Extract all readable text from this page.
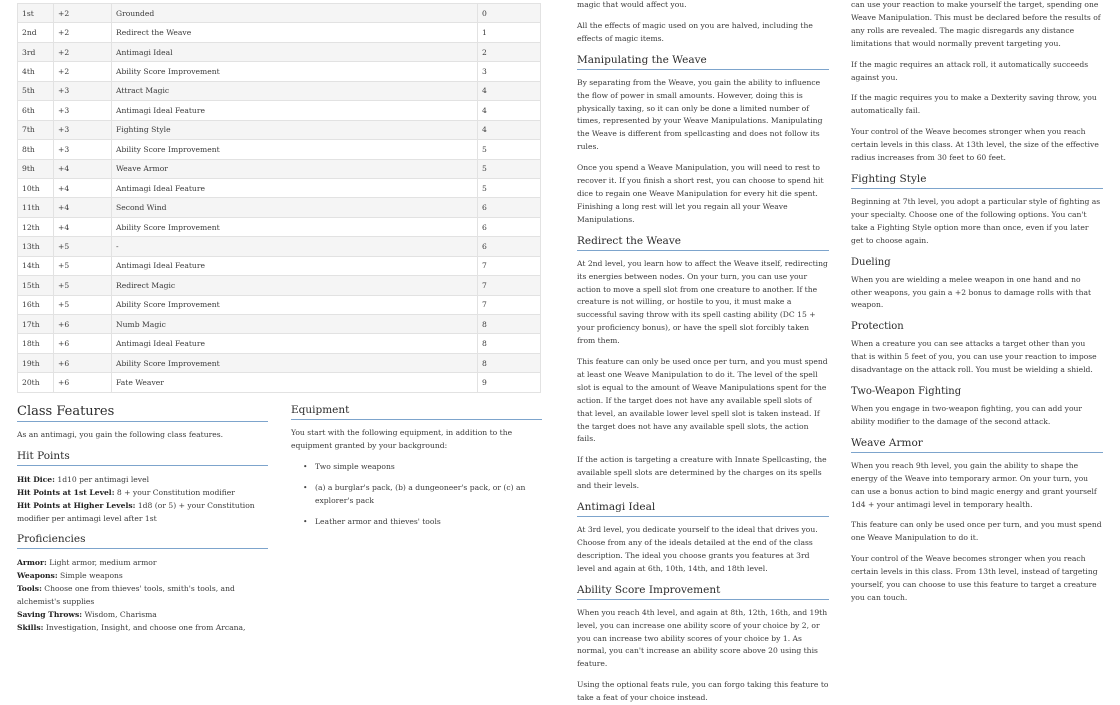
1st	+2	Grounded	0
2nd	+2	Redirect the Weave	1
3rd	+2	Antimagi Ideal	2
4th	+2	Ability Score Improvement	3
5th	+3	Attract Magic	4
6th	+3	Antimagi Ideal Feature	4
7th	+3	Fighting Style	4
8th	+3	Ability Score Improvement	5
9th	+4	Weave Armor	5
10th	+4	Antimagi Ideal Feature	5
11th	+4	Second Wind	6
12th	+4	Ability Score Improvement	6
13th	+5	-	6
14th	+5	Antimagi Ideal Feature	7
15th	+5	Redirect Magic	7
16th	+5	Ability Score Improvement	7
17th	+6	Numb Magic	8
18th	+6	Antimagi Ideal Feature	8
19th	+6	Ability Score Improvement	8
20th	+6	Fate Weaver	9
Class Features

As an antimagi, you gain the following class features.

Hit Points

Hit Dice: 1d10 per antimagi level
Hit Points at 1st Level: 8 + your Constitution modifier
Hit Points at Higher Levels: 1d8 (or 5) + your Constitution modifier per antimagi level after 1st

Proficiencies

Armor: Light armor, medium armor
Weapons: Simple weapons
Tools: Choose one from thieves' tools, smith's tools, and alchemist's supplies
Saving Throws: Wisdom, Charisma
Skills: Investigation, Insight, and choose one from Arcana,

Equipment

You start with the following equipment, in addition to the equipment granted by your background:

• Two simple weapons
• (a) a burglar's pack, (b) a dungeoneer's pack, or (c) an explorer's pack
• Leather armor and thieves' tools

magic that would affect you.

All the effects of magic used on you are halved, including the effects of magic items.

Manipulating the Weave

By separating from the Weave, you gain the ability to influence the flow of power in small amounts. However, doing this is physically taxing, so it can only be done a limited number of times, represented by your Weave Manipulations. Manipulating the Weave is different from spellcasting and does not follow its rules.

Once you spend a Weave Manipulation, you will need to rest to recover it. If you finish a short rest, you can choose to spend hit dice to regain one Weave Manipulation for every hit die spent. Finishing a long rest will let you regain all your Weave Manipulations.

Redirect the Weave

At 2nd level, you learn how to affect the Weave itself, redirecting its energies between nodes. On your turn, you can use your action to move a spell slot from one creature to another. If the creature is not willing, or hostile to you, it must make a successful saving throw with its spell casting ability (DC 15 + your proficiency bonus), or have the spell slot forcibly taken from them.

This feature can only be used once per turn, and you must spend at least one Weave Manipulation to do it. The level of the spell slot is equal to the amount of Weave Manipulations spent for the action. If the target does not have any available spell slots of that level, an available lower level spell slot is taken instead. If the target does not have any available spell slots, the action fails.

If the action is targeting a creature with Innate Spellcasting, the available spell slots are determined by the charges on its spells and their levels.

Antimagi Ideal

At 3rd level, you dedicate yourself to the ideal that drives you. Choose from any of the ideals detailed at the end of the class description. The ideal you choose grants you features at 3rd level and again at 6th, 10th, 14th, and 18th level.

Ability Score Improvement

When you reach 4th level, and again at 8th, 12th, 16th, and 19th level, you can increase one ability score of your choice by 2, or you can increase two ability scores of your choice by 1. As normal, you can't increase an ability score above 20 using this feature.

Using the optional feats rule, you can forgo taking this feature to take a feat of your choice instead.

can use your reaction to make yourself the target, spending one Weave Manipulation. This must be declared before the results of any rolls are revealed. The magic disregards any distance limitations that would normally prevent targeting you.

If the magic requires an attack roll, it automatically succeeds against you.

If the magic requires you to make a Dexterity saving throw, you automatically fail.

Your control of the Weave becomes stronger when you reach certain levels in this class. At 13th level, the size of the effective radius increases from 30 feet to 60 feet.

Fighting Style

Beginning at 7th level, you adopt a particular style of fighting as your specialty. Choose one of the following options. You can't take a Fighting Style option more than once, even if you later get to choose again.

Dueling

When you are wielding a melee weapon in one hand and no other weapons, you gain a +2 bonus to damage rolls with that weapon.

Protection

When a creature you can see attacks a target other than you that is within 5 feet of you, you can use your reaction to impose disadvantage on the attack roll. You must be wielding a shield.

Two-Weapon Fighting

When you engage in two-weapon fighting, you can add your ability modifier to the damage of the second attack.

Weave Armor

When you reach 9th level, you gain the ability to shape the energy of the Weave into temporary armor. On your turn, you can use a bonus action to bind magic energy and grant yourself 1d4 + your antimagi level in temporary health.

This feature can only be used once per turn, and you must spend one Weave Manipulation to do it.

Your control of the Weave becomes stronger when you reach certain levels in this class. From 13th level, instead of targeting yourself, you can choose to use this feature to target a creature you can touch.
